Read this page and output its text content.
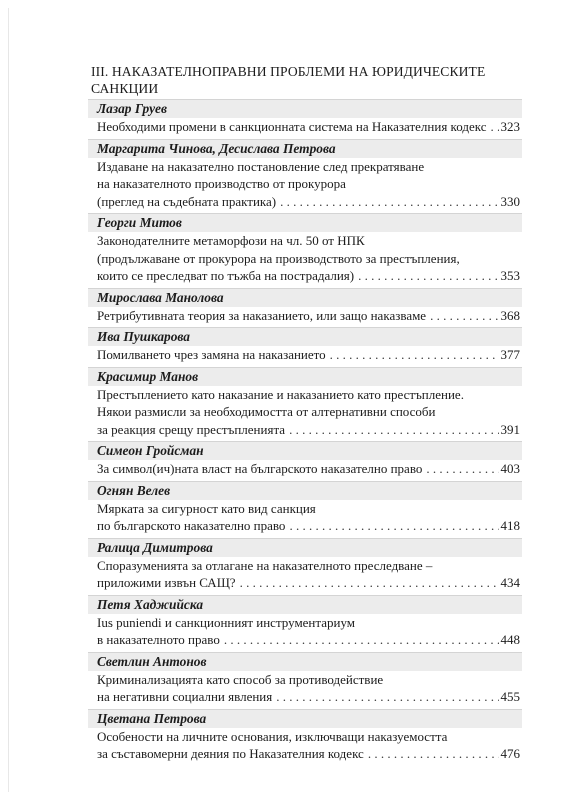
III. НАКАЗАТЕЛНОПРАВНИ ПРОБЛЕМИ НА ЮРИДИЧЕСКИТЕ САНКЦИИ
Лазар Груев
Необходими промени в санкционната система на Наказателния кодекс . . . 323
Маргарита Чинова, Десислава Петрова
Издаване на наказателно постановление след прекратяване
на наказателното производство от прокурора
(преглед на съдебната практика) . . .	330
Георги Митов
Законодателните метаморфози на чл. 50 от НПК
(продължаване от прокурора на производството за престъпления,
които се преследват по тъжба на пострадалия) . . .	353
Мирослава Манолова
Ретрибутивната теория за наказанието, или защо наказваме . . .	368
Ива Пушкарова
Помилването чрез замяна на наказанието . . .	377
Красимир Манов
Престъплението като наказание и наказанието като престъпление.
Някои размисли за необходимостта от алтернативни способи
за реакция срещу престъпленията . . .	391
Симеон Гройсман
За символ(ич)ната власт на българското наказателно право . . .	403
Огнян Велев
Мярката за сигурност като вид санкция
по българското наказателно право . . .	418
Ралица Димитрова
Споразуменията за отлагане на наказателното преследване –
приложими извън САЩ? . . .	434
Петя Хаджийска
Ius puniendi и санкционният инструментариум
в наказателното право . . .	448
Светлин Антонов
Криминализацията като способ за противодействие
на негативни социални явления . . .	455
Цветана Петрова
Особености на личните основания, изключващи наказуемостта
за съставомерни деяния по Наказателния кодекс . . .	476
